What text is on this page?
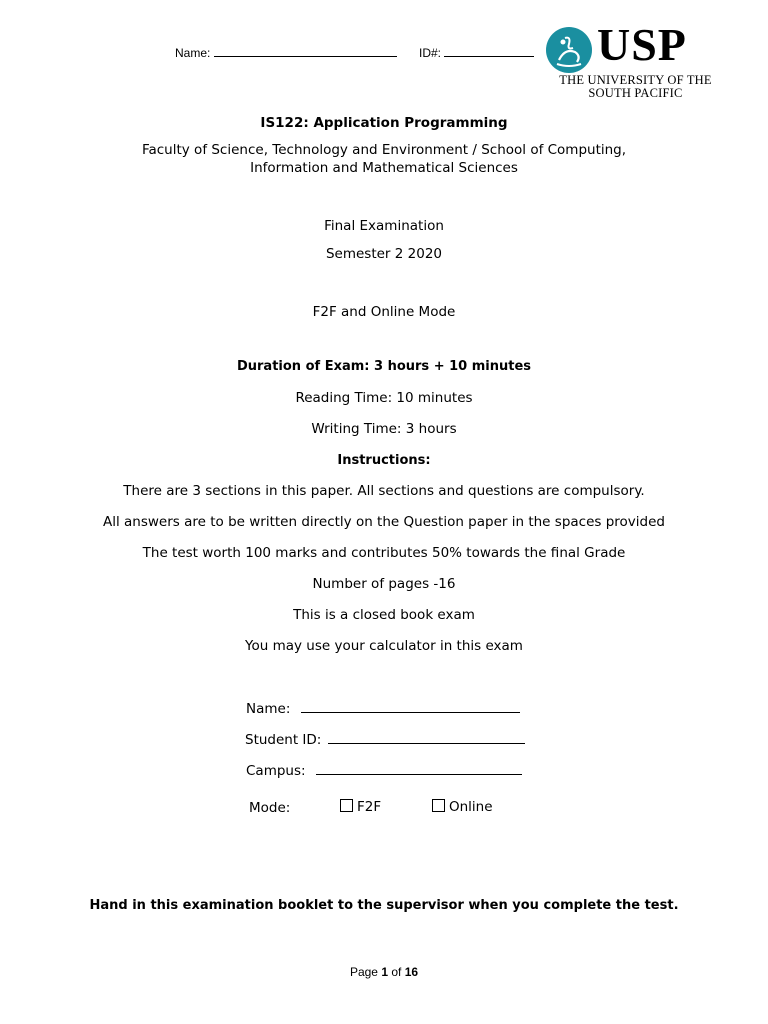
Name:	ID#:	USP
THE UNIVERSITY OF THE
SOUTH PACIFIC
IS122: Application Programming
Faculty of Science, Technology and Environment / School of Computing,
Information and Mathematical Sciences
Final Examination
Semester 2 2020
F2F and Online Mode
Duration of Exam: 3 hours + 10 minutes
Reading Time: 10 minutes
Writing Time: 3 hours
Instructions:
There are 3 sections in this paper. All sections and questions are compulsory.
All answers are to be written directly on the Question paper in the spaces provided
The test worth 100 marks and contributes 50% towards the final Grade
Number of pages -16
This is a closed book exam
You may use your calculator in this exam
Name:
Student ID:
Campus:
Mode:	F2F	Online
Hand in this examination booklet to the supervisor when you complete the test.
Page 1 of 16
